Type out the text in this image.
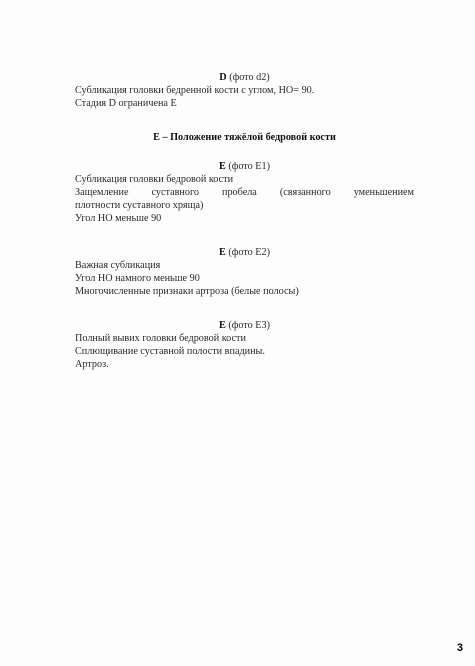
D (фото d2)
Субликация головки бедренной кости с углом, НО= 90.
Стадия D ограничена Е
Е – Положение тяжёлой бедровой кости
Е (фото Е1)
Субликация головки бедровой кости
Защемление суставного пробела (связанного уменьшением
плотности суставного хряща)
Угол НО меньше 90
Е (фото Е2)
Важная субликация
Угол НО намного меньше 90
Многочисленные признаки артроза (белые полосы)
Е (фото Е3)
Полный вывих головки бедровой кости
Сплющивание суставной полости впадины.
Артроз.
3
